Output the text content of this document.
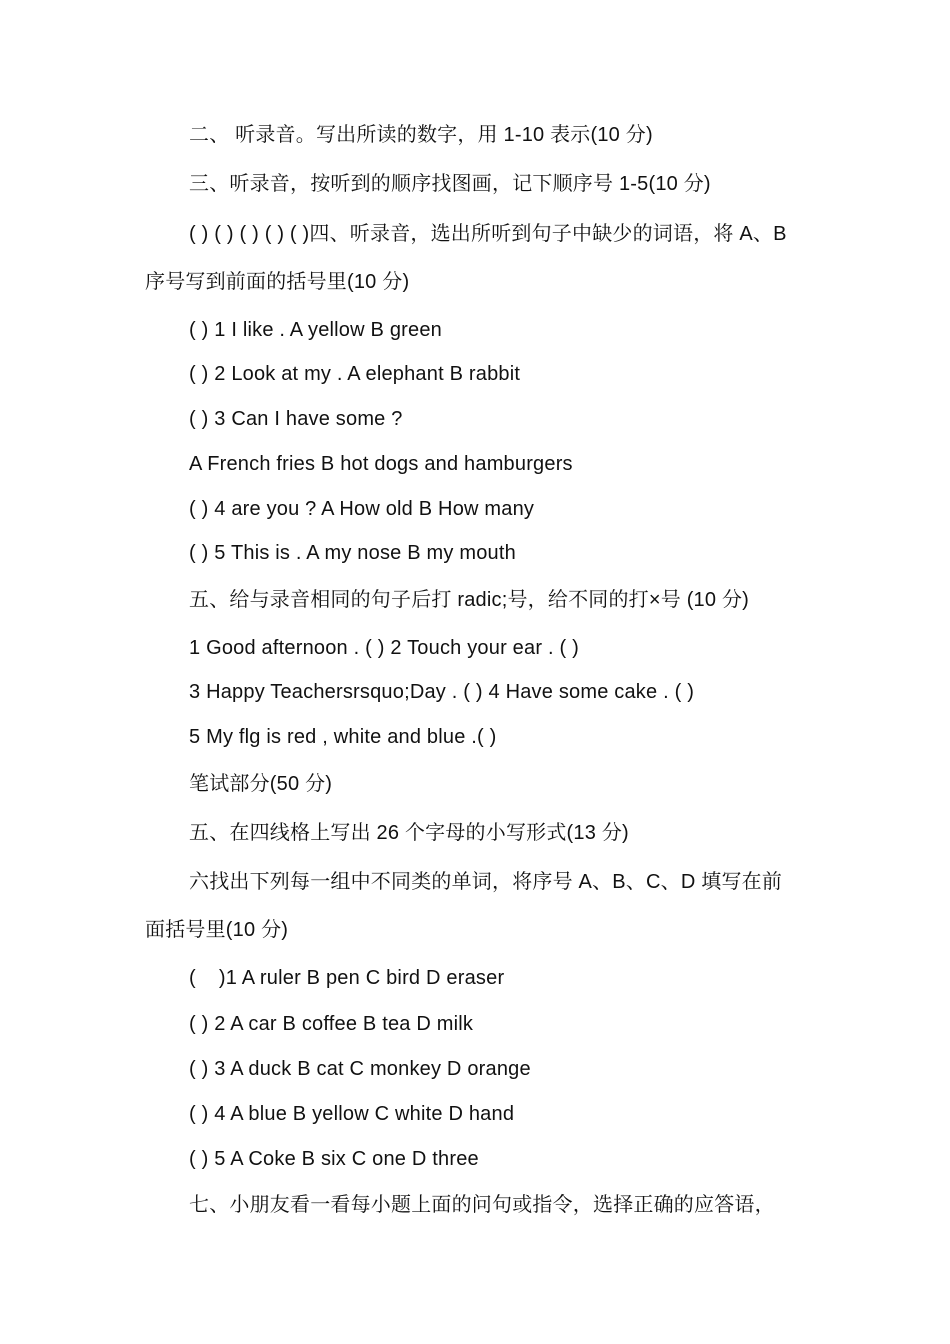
二、 听录音。写出所读的数字，用 1-10 表示(10 分)
三、听录音，按听到的顺序找图画，记下顺序号 1-5(10 分)
( ) ( ) ( ) ( ) ( )四、听录音，选出所听到句子中缺少的词语，将 A、B
序号写到前面的括号里(10 分)
( ) 1 I like . A yellow B green
( ) 2 Look at my . A elephant B rabbit
( ) 3 Can I have some ?
A French fries B hot dogs and hamburgers
( ) 4 are you ? A How old B How many
( ) 5 This is . A my nose B my mouth
五、给与录音相同的句子后打 radic;号，给不同的打×号 (10 分)
1 Good afternoon . ( ) 2 Touch your ear . ( )
3 Happy Teachersrsquo;Day . ( ) 4 Have some cake . ( )
5 My flg is red , white and blue .( )
笔试部分(50 分)
五、在四线格上写出 26 个字母的小写形式(13 分)
六找出下列每一组中不同类的单词，将序号 A、B、C、D 填写在前
面括号里(10 分)
(    )1 A ruler B pen C bird D eraser
( ) 2 A car B coffee B tea D milk
( ) 3 A duck B cat C monkey D orange
( ) 4 A blue B yellow C white D hand
( ) 5 A Coke B six C one D three
七、小朋友看一看每小题上面的问句或指令，选择正确的应答语，
